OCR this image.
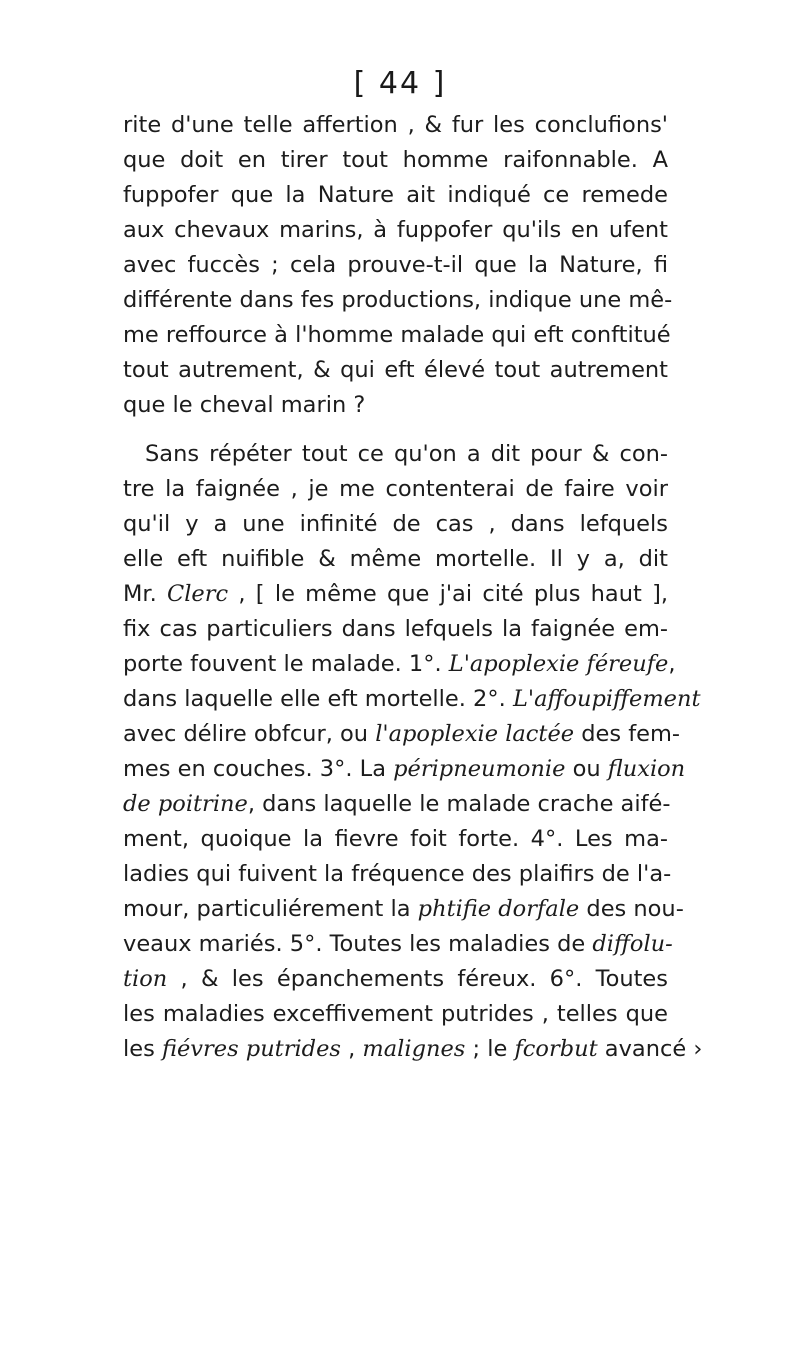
[ 44 ]
rite d'une telle affertion , & fur les conclufions'
que doit en tirer tout homme raifonnable. A
fuppofer que la Nature ait indiqué ce remede
aux chevaux marins, à fuppofer qu'ils en ufent
avec fuccès ; cela prouve-t-il que la Nature, fi
différente dans fes productions, indique une mê-
me reffource à l'homme malade qui eft conftitué
tout autrement, & qui eft élevé tout autrement
que le cheval marin ?
Sans répéter tout ce qu'on a dit pour & con-
tre la faignée , je me contenterai de faire voir
qu'il y a une infinité de cas , dans lefquels
elle eft nuifible & même mortelle. Il y a, dit
Mr. Clerc , [ le même que j'ai cité plus haut ],
fix cas particuliers dans lefquels la faignée em-
porte fouvent le malade. 1°. L'apoplexie féreufe,
dans laquelle elle eft mortelle. 2°. L'affoupiffement
avec délire obfcur, ou l'apoplexie lactée des fem-
mes en couches. 3°. La péripneumonie ou fluxion
de poitrine, dans laquelle le malade crache aifé-
ment, quoique la fievre foit forte. 4°. Les ma-
ladies qui fuivent la fréquence des plaifirs de l'a-
mour, particuliérement la phtifie dorfale des nou-
veaux mariés. 5°. Toutes les maladies de diffolu-
tion , & les épanchements féreux. 6°. Toutes
les maladies exceffivement putrides , telles que
les fiévres putrides , malignes ; le fcorbut avancé ›
